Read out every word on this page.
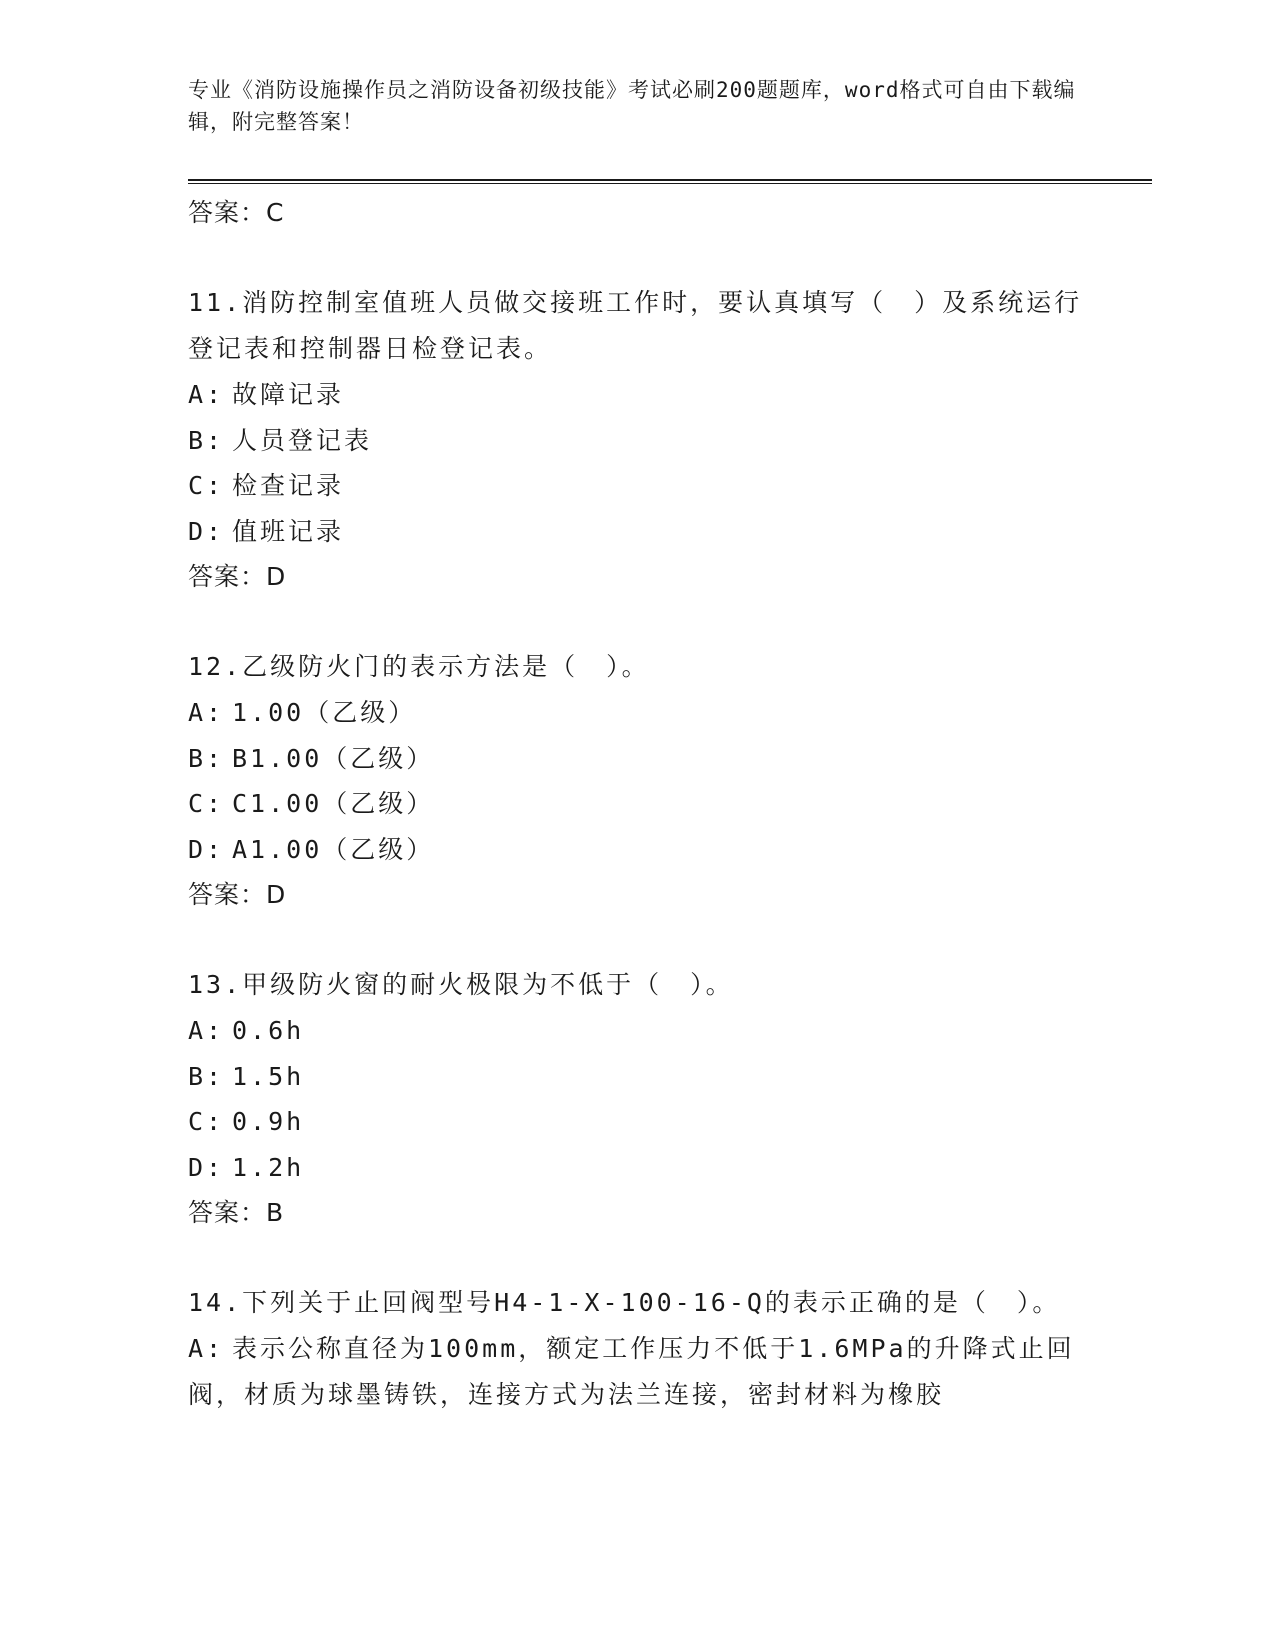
专业《消防设施操作员之消防设备初级技能》考试必刷200题题库，word格式可自由下载编辑，附完整答案！
答案：C
11.消防控制室值班人员做交接班工作时，要认真填写（　）及系统运行登记表和控制器日检登记表。
A: 故障记录
B: 人员登记表
C: 检查记录
D: 值班记录
答案：D
12.乙级防火门的表示方法是（　）。
A: 1.00（乙级）
B: B1.00（乙级）
C: C1.00（乙级）
D: A1.00（乙级）
答案：D
13.甲级防火窗的耐火极限为不低于（　）。
A: 0.6h
B: 1.5h
C: 0.9h
D: 1.2h
答案：B
14.下列关于止回阀型号H4-1-X-100-16-Q的表示正确的是（　）。
A: 表示公称直径为100mm，额定工作压力不低于1.6MPa的升降式止回阀，材质为球墨铸铁，连接方式为法兰连接，密封材料为橡胶
